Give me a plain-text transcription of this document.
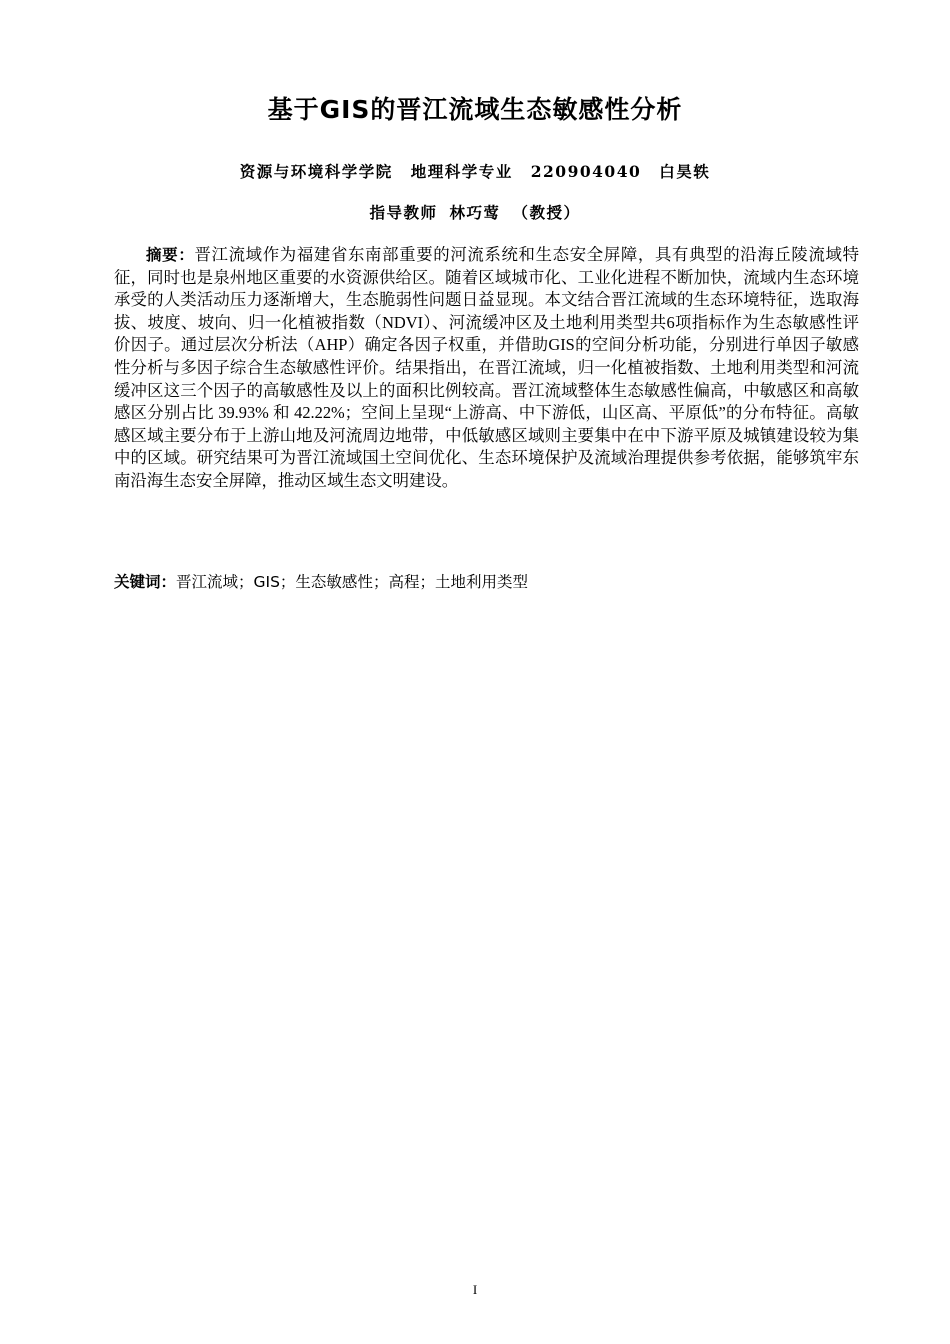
基于GIS的晋江流域生态敏感性分析
资源与环境科学学院 地理科学专业 220904040 白昊轶
指导教师 林巧莺 （教授）

摘要：晋江流域作为福建省东南部重要的河流系统和生态安全屏障，具有典型的沿海丘陵流域特征，同时也是泉州地区重要的水资源供给区。随着区域城市化、工业化进程不断加快，流域内生态环境承受的人类活动压力逐渐增大，生态脆弱性问题日益显现。本文结合晋江流域的生态环境特征，选取海拔、坡度、坡向、归一化植被指数（NDVI）、河流缓冲区及土地利用类型共6项指标作为生态敏感性评价因子。通过层次分析法（AHP）确定各因子权重，并借助GIS的空间分析功能，分别进行单因子敏感性分析与多因子综合生态敏感性评价。结果指出，在晋江流域，归一化植被指数、土地利用类型和河流缓冲区这三个因子的高敏感性及以上的面积比例较高。晋江流域整体生态敏感性偏高，中敏感区和高敏感区分别占比 39.93% 和 42.22%；空间上呈现“上游高、中下游低，山区高、平原低”的分布特征。高敏感区域主要分布于上游山地及河流周边地带，中低敏感区域则主要集中在中下游平原及城镇建设较为集中的区域。研究结果可为晋江流域国土空间优化、生态环境保护及流域治理提供参考依据，能够筑牢东南沿海生态安全屏障，推动区域生态文明建设。

关键词：晋江流域；GIS；生态敏感性；高程；土地利用类型
I
